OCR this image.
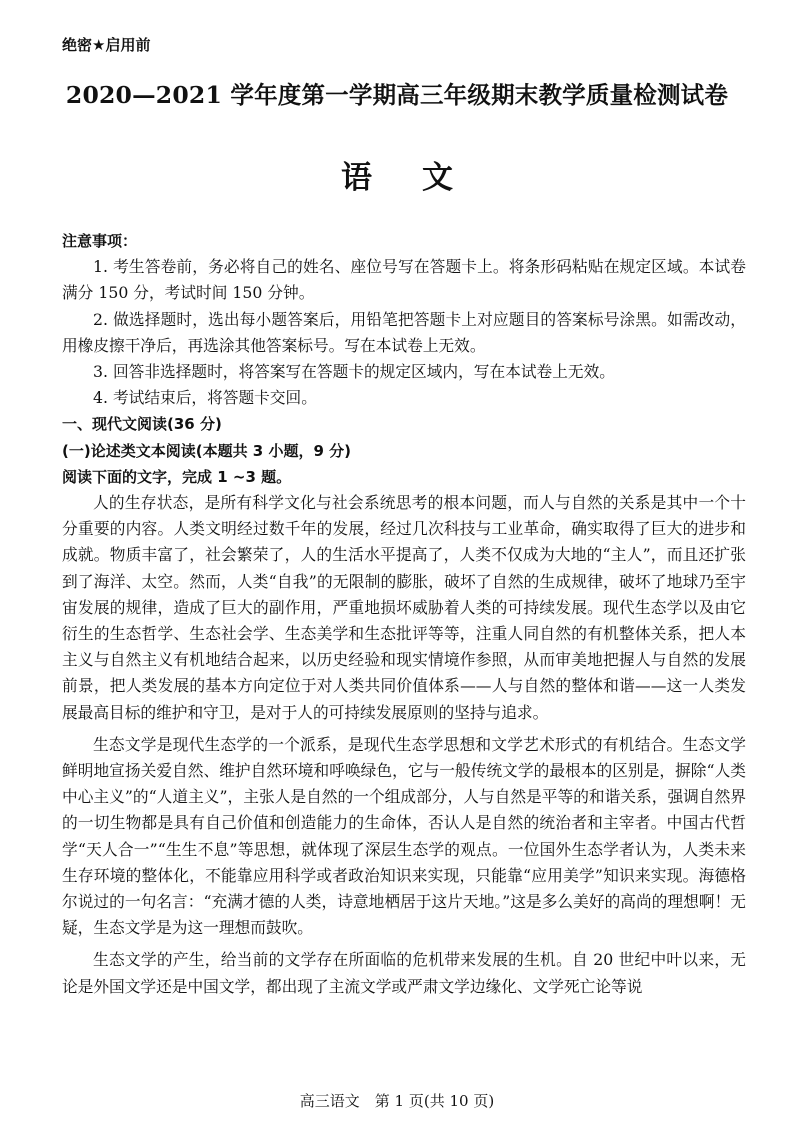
绝密★启用前
2020—2021 学年度第一学期高三年级期末教学质量检测试卷
语文

注意事项：

1. 考生答卷前，务必将自己的姓名、座位号写在答题卡上。将条形码粘贴在规定区域。本试卷满分 150 分，考试时间 150 分钟。

2. 做选择题时，选出每小题答案后，用铅笔把答题卡上对应题目的答案标号涂黑。如需改动，用橡皮擦干净后，再选涂其他答案标号。写在本试卷上无效。

3. 回答非选择题时，将答案写在答题卡的规定区域内，写在本试卷上无效。

4. 考试结束后，将答题卡交回。

一、现代文阅读(36 分)

(一)论述类文本阅读(本题共 3 小题，9 分)

阅读下面的文字，完成 1 ~3 题。

人的生存状态，是所有科学文化与社会系统思考的根本问题，而人与自然的关系是其中一个十分重要的内容。人类文明经过数千年的发展，经过几次科技与工业革命，确实取得了巨大的进步和成就。物质丰富了，社会繁荣了，人的生活水平提高了，人类不仅成为大地的“主人”，而且还扩张到了海洋、太空。然而，人类“自我”的无限制的膨胀，破坏了自然的生成规律，破坏了地球乃至宇宙发展的规律，造成了巨大的副作用，严重地损坏威胁着人类的可持续发展。现代生态学以及由它衍生的生态哲学、生态社会学、生态美学和生态批评等等，注重人同自然的有机整体关系，把人本主义与自然主义有机地结合起来，以历史经验和现实情境作参照，从而审美地把握人与自然的发展前景，把人类发展的基本方向定位于对人类共同价值体系——人与自然的整体和谐——这一人类发展最高目标的维护和守卫，是对于人的可持续发展原则的坚持与追求。

生态文学是现代生态学的一个派系，是现代生态学思想和文学艺术形式的有机结合。生态文学鲜明地宣扬关爱自然、维护自然环境和呼唤绿色，它与一般传统文学的最根本的区别是，摒除“人类中心主义”的“人道主义”，主张人是自然的一个组成部分，人与自然是平等的和谐关系，强调自然界的一切生物都是具有自己价值和创造能力的生命体，否认人是自然的统治者和主宰者。中国古代哲学“天人合一”“生生不息”等思想，就体现了深层生态学的观点。一位国外生态学者认为，人类未来生存环境的整体化，不能靠应用科学或者政治知识来实现，只能靠“应用美学”知识来实现。海德格尔说过的一句名言：“充满才德的人类，诗意地栖居于这片天地。”这是多么美好的高尚的理想啊！无疑，生态文学是为这一理想而鼓吹。

生态文学的产生，给当前的文学存在所面临的危机带来发展的生机。自 20 世纪中叶以来，无论是外国文学还是中国文学，都出现了主流文学或严肃文学边缘化、文学死亡论等说

高三语文　第 1 页(共 10 页)
